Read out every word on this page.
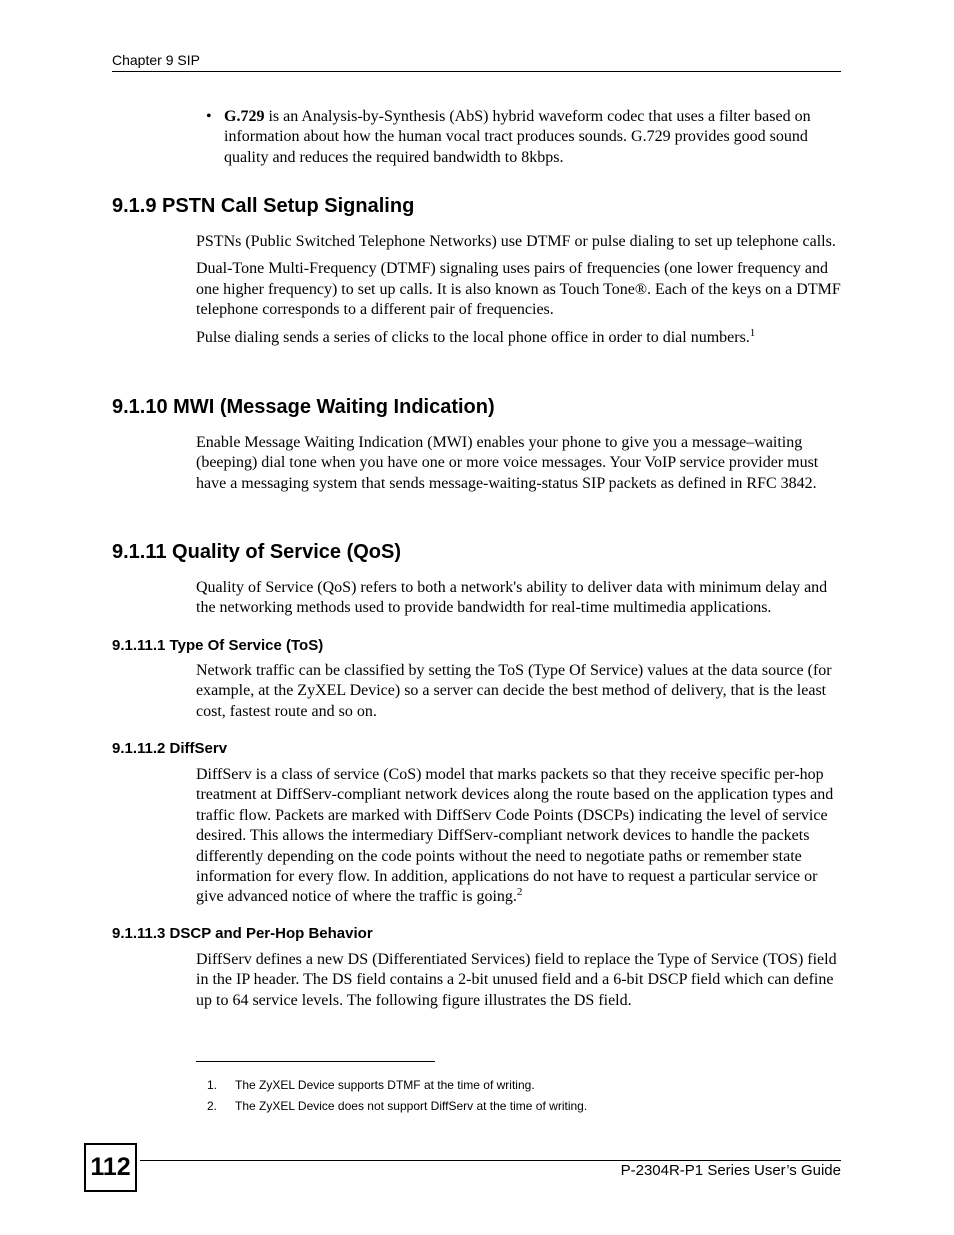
Chapter 9 SIP
• G.729 is an Analysis-by-Synthesis (AbS) hybrid waveform codec that uses a filter based on information about how the human vocal tract produces sounds. G.729 provides good sound quality and reduces the required bandwidth to 8kbps.
9.1.9 PSTN Call Setup Signaling

PSTNs (Public Switched Telephone Networks) use DTMF or pulse dialing to set up telephone calls.

Dual-Tone Multi-Frequency (DTMF) signaling uses pairs of frequencies (one lower frequency and one higher frequency) to set up calls. It is also known as Touch Tone®. Each of the keys on a DTMF telephone corresponds to a different pair of frequencies.

Pulse dialing sends a series of clicks to the local phone office in order to dial numbers.$^1$

9.1.10 MWI (Message Waiting Indication)

Enable Message Waiting Indication (MWI) enables your phone to give you a message–waiting (beeping) dial tone when you have one or more voice messages. Your VoIP service provider must have a messaging system that sends message-waiting-status SIP packets as defined in RFC 3842.

9.1.11 Quality of Service (QoS)

Quality of Service (QoS) refers to both a network's ability to deliver data with minimum delay and the networking methods used to provide bandwidth for real-time multimedia applications.

9.1.11.1 Type Of Service (ToS)

Network traffic can be classified by setting the ToS (Type Of Service) values at the data source (for example, at the ZyXEL Device) so a server can decide the best method of delivery, that is the least cost, fastest route and so on.

9.1.11.2 DiffServ

DiffServ is a class of service (CoS) model that marks packets so that they receive specific per-hop treatment at DiffServ-compliant network devices along the route based on the application types and traffic flow. Packets are marked with DiffServ Code Points (DSCPs) indicating the level of service desired. This allows the intermediary DiffServ-compliant network devices to handle the packets differently depending on the code points without the need to negotiate paths or remember state information for every flow. In addition, applications do not have to request a particular service or give advanced notice of where the traffic is going.$^2$

9.1.11.3 DSCP and Per-Hop Behavior

DiffServ defines a new DS (Differentiated Services) field to replace the Type of Service (TOS) field in the IP header. The DS field contains a 2-bit unused field and a 6-bit DSCP field which can define up to 64 service levels. The following figure illustrates the DS field.

1. The ZyXEL Device supports DTMF at the time of writing.
2. The ZyXEL Device does not support DiffServ at the time of writing.
112	P-2304R-P1 Series User’s Guide
